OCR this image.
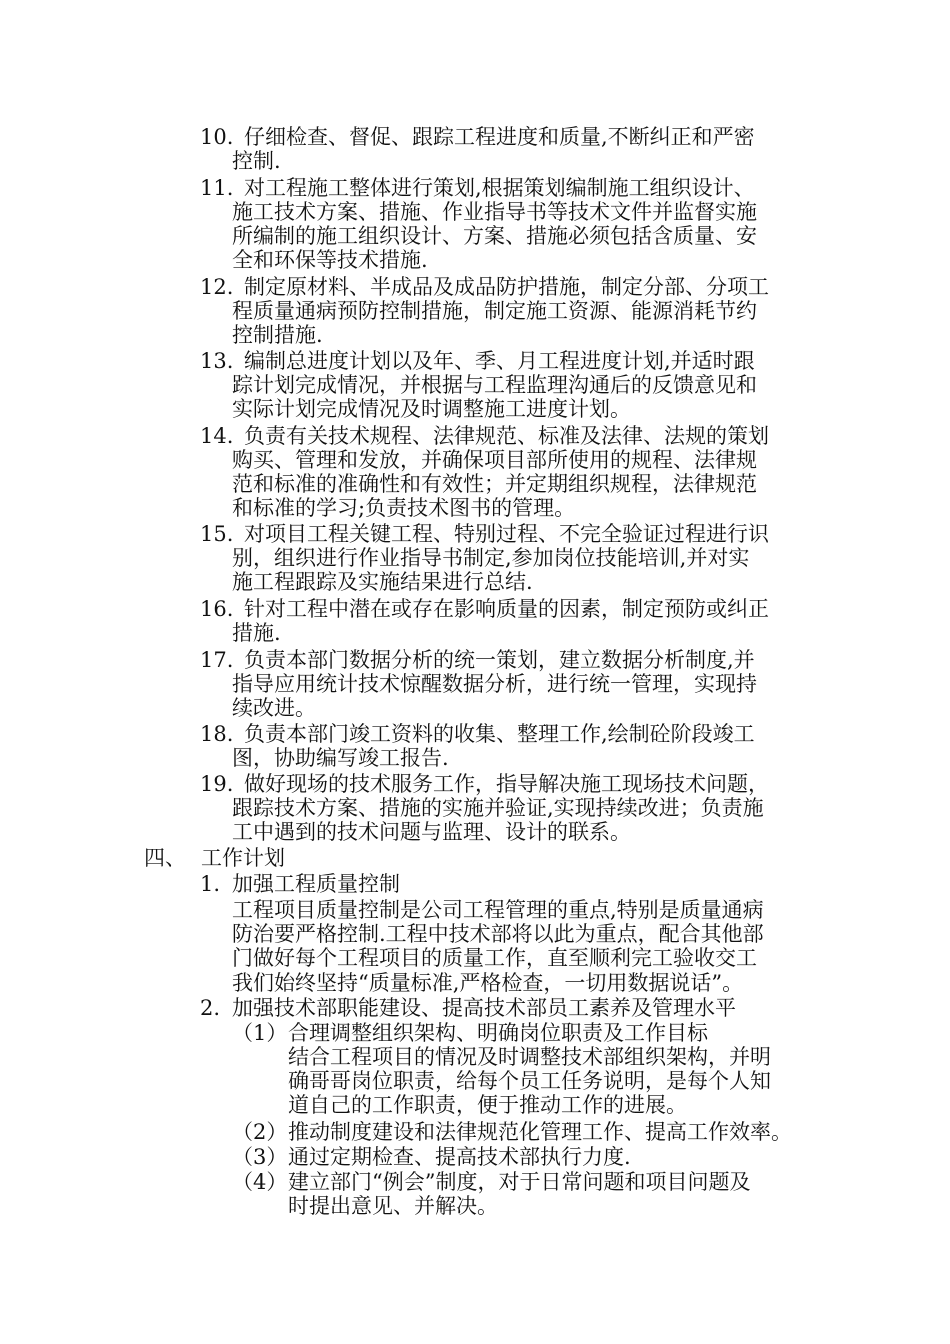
10. 仔细检查、督促、跟踪工程进度和质量,不断纠正和严密
控制.
11. 对工程施工整体进行策划,根据策划编制施工组织设计、
施工技术方案、措施、作业指导书等技术文件并监督实施
所编制的施工组织设计、方案、措施必须包括含质量、安
全和环保等技术措施.
12. 制定原材料、半成品及成品防护措施，制定分部、分项工
程质量通病预防控制措施，制定施工资源、能源消耗节约
控制措施.
13. 编制总进度计划以及年、季、月工程进度计划,并适时跟
踪计划完成情况，并根据与工程监理沟通后的反馈意见和
实际计划完成情况及时调整施工进度计划。
14. 负责有关技术规程、法律规范、标准及法律、法规的策划
购买、管理和发放，并确保项目部所使用的规程、法律规
范和标准的准确性和有效性；并定期组织规程，法律规范
和标准的学习;负责技术图书的管理。
15. 对项目工程关键工程、特别过程、不完全验证过程进行识
别，组织进行作业指导书制定,参加岗位技能培训,并对实
施工程跟踪及实施结果进行总结.
16. 针对工程中潜在或存在影响质量的因素，制定预防或纠正
措施.
17. 负责本部门数据分析的统一策划，建立数据分析制度,并
指导应用统计技术惊醒数据分析，进行统一管理，实现持
续改进。
18. 负责本部门竣工资料的收集、整理工作,绘制砼阶段竣工
图，协助编写竣工报告.
19. 做好现场的技术服务工作，指导解决施工现场技术问题，
跟踪技术方案、措施的实施并验证,实现持续改进；负责施
工中遇到的技术问题与监理、设计的联系。
四、 工作计划
1. 加强工程质量控制
工程项目质量控制是公司工程管理的重点,特别是质量通病
防治要严格控制.工程中技术部将以此为重点，配合其他部
门做好每个工程项目的质量工作，直至顺利完工验收交工
我们始终坚持“质量标准,严格检查，一切用数据说话”。
2. 加强技术部职能建设、提高技术部员工素养及管理水平
（1） 合理调整组织架构、明确岗位职责及工作目标
结合工程项目的情况及时调整技术部组织架构，并明
确哥哥岗位职责，给每个员工任务说明，是每个人知
道自己的工作职责，便于推动工作的进展。
（2） 推动制度建设和法律规范化管理工作、提高工作效率。
（3） 通过定期检查、提高技术部执行力度.
（4） 建立部门“例会”制度，对于日常问题和项目问题及
时提出意见、并解决。
